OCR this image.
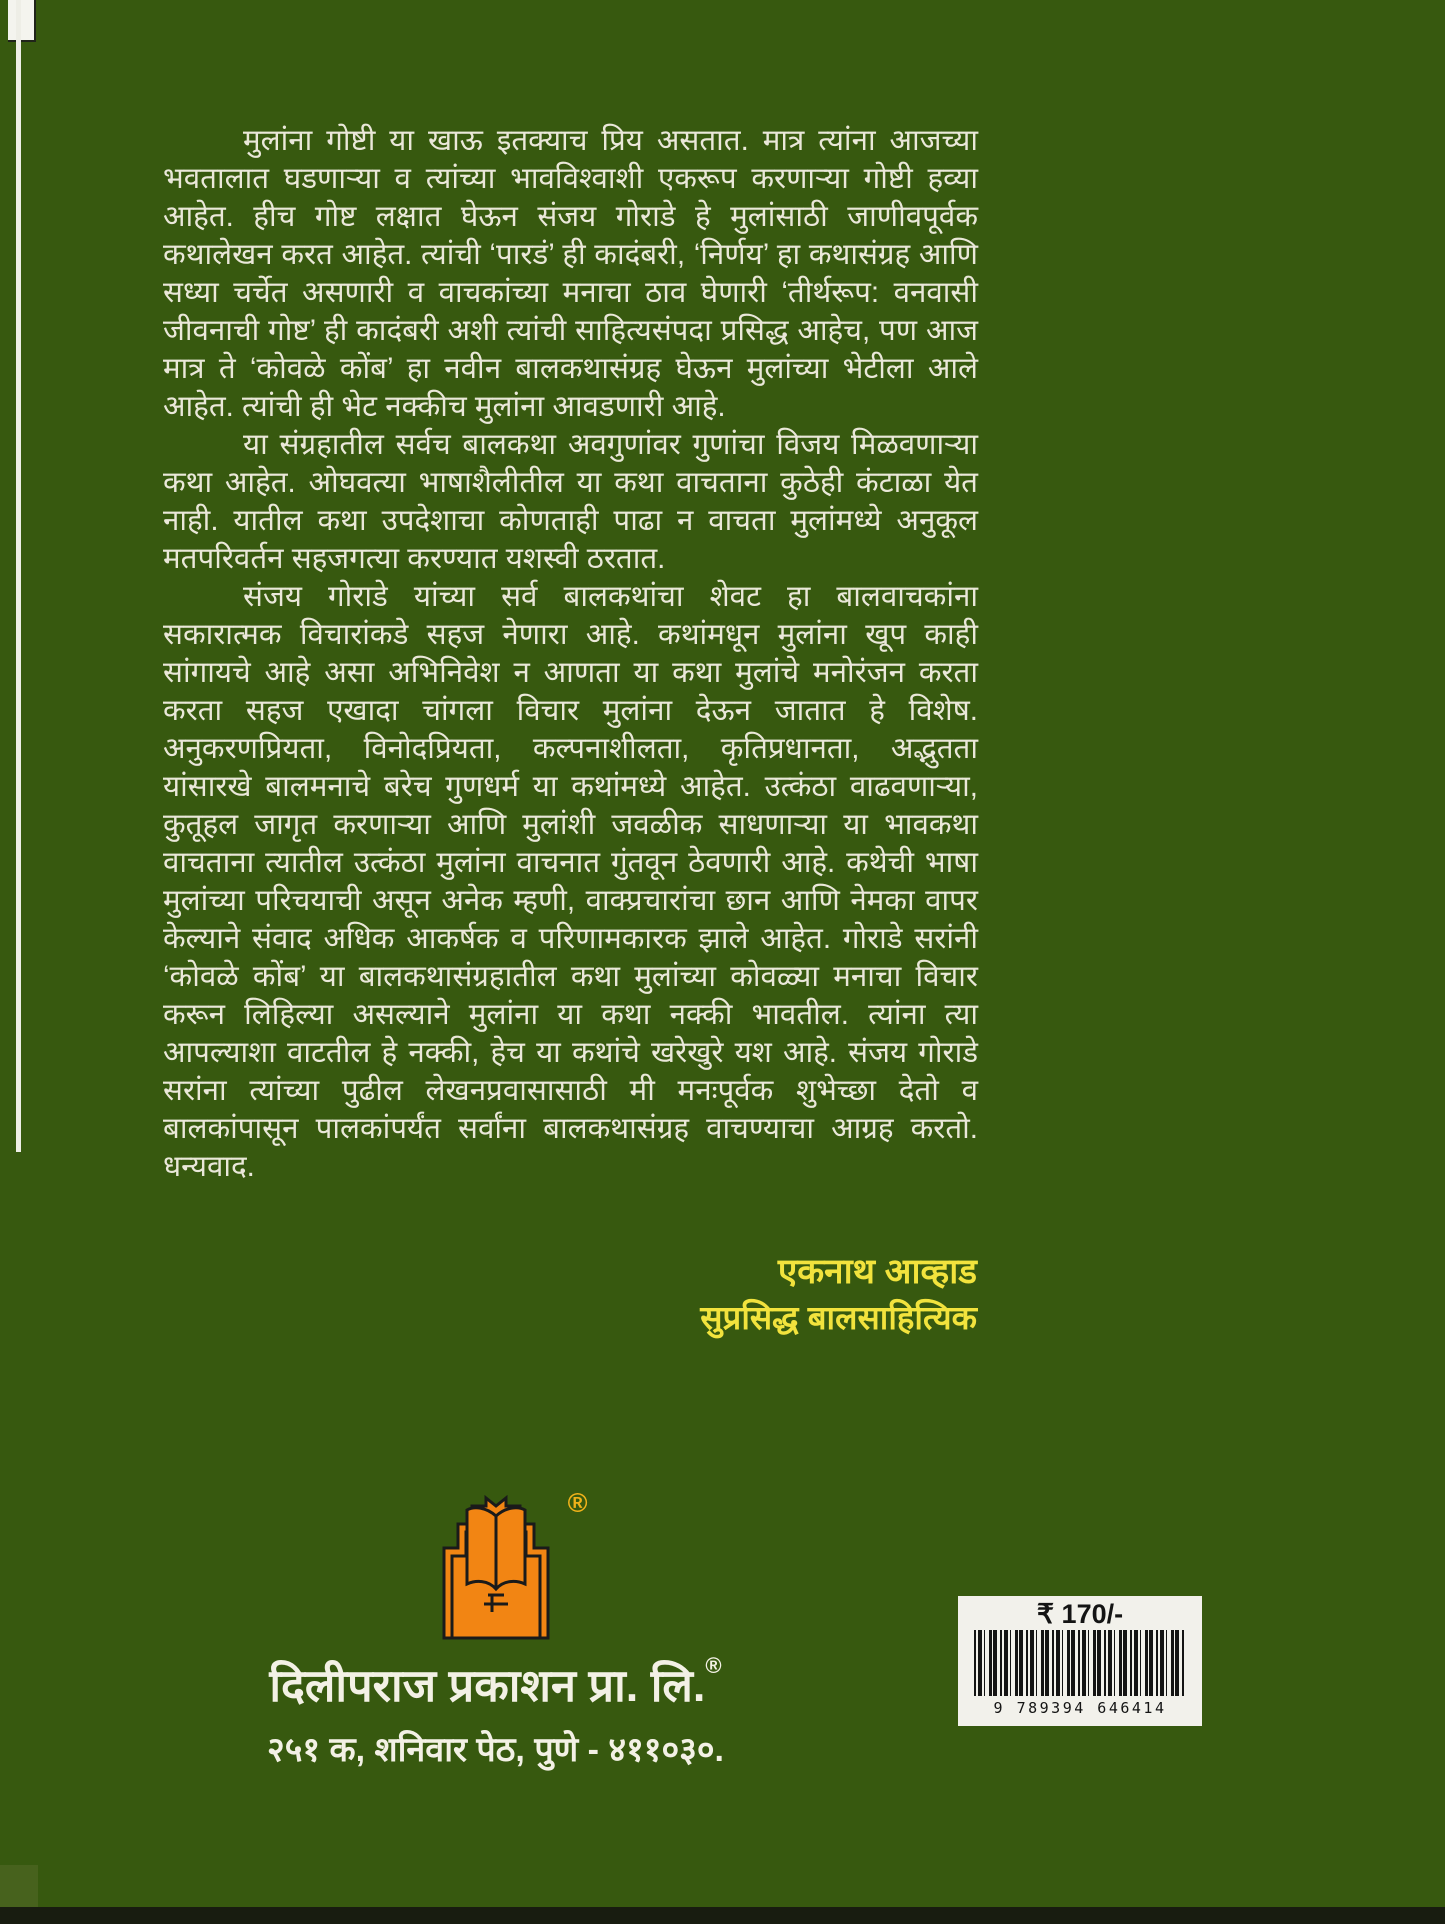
मुलांना गोष्टी या खाऊ इतक्याच प्रिय असतात. मात्र त्यांना आजच्या भवतालात घडणाऱ्या व त्यांच्या भावविश्वाशी एकरूप करणाऱ्या गोष्टी हव्या आहेत. हीच गोष्ट लक्षात घेऊन संजय गोराडे हे मुलांसाठी जाणीवपूर्वक कथालेखन करत आहेत. त्यांची ‘पारडं’ ही कादंबरी, ‘निर्णय’ हा कथासंग्रह आणि सध्या चर्चेत असणारी व वाचकांच्या मनाचा ठाव घेणारी ‘तीर्थरूप: वनवासी जीवनाची गोष्ट’ ही कादंबरी अशी त्यांची साहित्यसंपदा प्रसिद्ध आहेच, पण आज मात्र ते ‘कोवळे कोंब’ हा नवीन बालकथासंग्रह घेऊन मुलांच्या भेटीला आले आहेत. त्यांची ही भेट नक्कीच मुलांना आवडणारी आहे.

या संग्रहातील सर्वच बालकथा अवगुणांवर गुणांचा विजय मिळवणाऱ्या कथा आहेत. ओघवत्या भाषाशैलीतील या कथा वाचताना कुठेही कंटाळा येत नाही. यातील कथा उपदेशाचा कोणताही पाढा न वाचता मुलांमध्ये अनुकूल मतपरिवर्तन सहजगत्या करण्यात यशस्वी ठरतात.

संजय गोराडे यांच्या सर्व बालकथांचा शेवट हा बालवाचकांना सकारात्मक विचारांकडे सहज नेणारा आहे. कथांमधून मुलांना खूप काही सांगायचे आहे असा अभिनिवेश न आणता या कथा मुलांचे मनोरंजन करता करता सहज एखादा चांगला विचार मुलांना देऊन जातात हे विशेष. अनुकरणप्रियता, विनोदप्रियता, कल्पनाशीलता, कृतिप्रधानता, अद्भुतता यांसारखे बालमनाचे बरेच गुणधर्म या कथांमध्ये आहेत. उत्कंठा वाढवणाऱ्या, कुतूहल जागृत करणाऱ्या आणि मुलांशी जवळीक साधणाऱ्या या भावकथा वाचताना त्यातील उत्कंठा मुलांना वाचनात गुंतवून ठेवणारी आहे. कथेची भाषा मुलांच्या परिचयाची असून अनेक म्हणी, वाक्प्रचारांचा छान आणि नेमका वापर केल्याने संवाद अधिक आकर्षक व परिणामकारक झाले आहेत. गोराडे सरांनी ‘कोवळे कोंब’ या बालकथासंग्रहातील कथा मुलांच्या कोवळ्या मनाचा विचार करून लिहिल्या असल्याने मुलांना या कथा नक्की भावतील. त्यांना त्या आपल्याशा वाटतील हे नक्की, हेच या कथांचे खरेखुरे यश आहे. संजय गोराडे सरांना त्यांच्या पुढील लेखनप्रवासासाठी मी मनःपूर्वक शुभेच्छा देतो व बालकांपासून पालकांपर्यंत सर्वांना बालकथासंग्रह वाचण्याचा आग्रह करतो. धन्यवाद.

एकनाथ आव्हाड
सुप्रसिद्ध बालसाहित्यिक
®
दिलीपराज प्रकाशन प्रा. लि.®
२५१ क, शनिवार पेठ, पुणे - ४११०३०.
₹ 170/-
9 789394 646414
